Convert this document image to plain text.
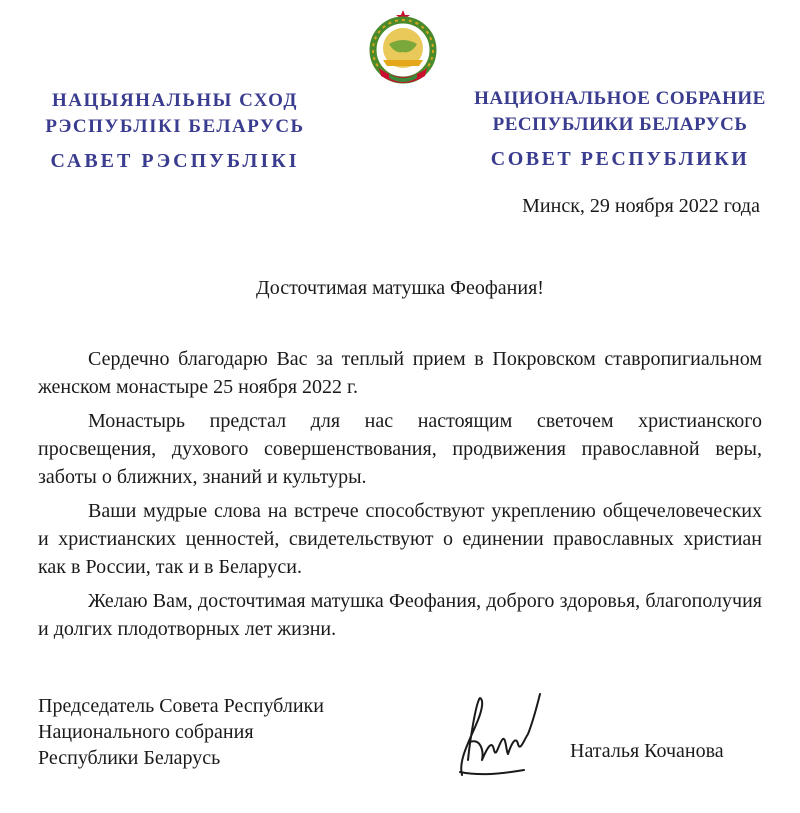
НАЦЫЯНАЛЬНЫ СХОД
РЭСПУБЛІКІ БЕЛАРУСЬ
САВЕТ РЭСПУБЛІКІ
НАЦИОНАЛЬНОЕ СОБРАНИЕ
РЕСПУБЛИКИ БЕЛАРУСЬ
СОВЕТ РЕСПУБЛИКИ
Минск, 29 ноября 2022 года
Досточтимая матушка Феофания!

Сердечно благодарю Вас за теплый прием в Покровском ставропигиальном женском монастыре 25 ноября 2022 г.

Монастырь предстал для нас настоящим светочем христианского просвещения, духового совершенствования, продвижения православной веры, заботы о ближних, знаний и культуры.

Ваши мудрые слова на встрече способствуют укреплению общечеловеческих и христианских ценностей, свидетельствуют о единении православных христиан как в России, так и в Беларуси.

Желаю Вам, досточтимая матушка Феофания, доброго здоровья, благополучия и долгих плодотворных лет жизни.

Председатель Совета Республики
Национального собрания
Республики Беларусь	Наталья Кочанова
